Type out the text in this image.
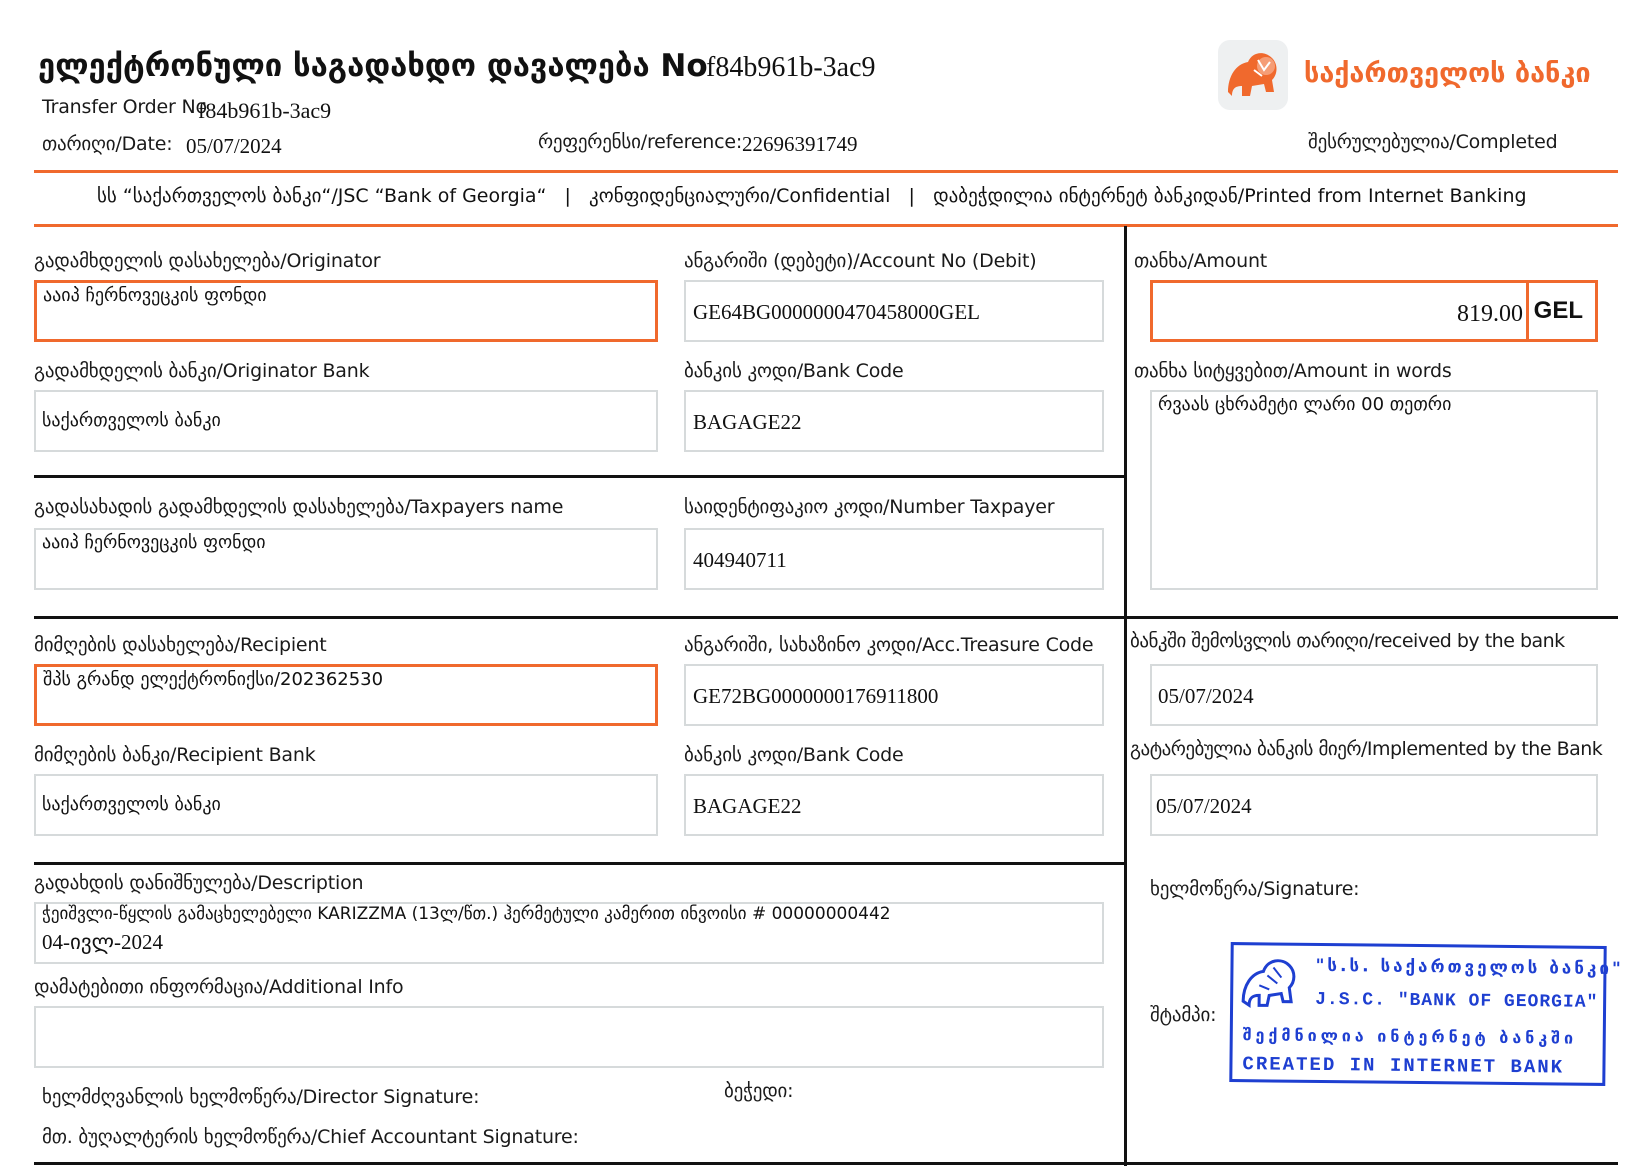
ელექტრონული საგადახდო დავალება No
f84b961b-3ac9
Transfer Order No
f84b961b-3ac9
თარიღი/Date: 05/07/2024	რეფერენსი/reference: 22696391749	შესრულებულია/Completed
საქართველოს ბანკი
სს “საქართველოს ბანკი“/JSC “Bank of Georgia“   |   კონფიდენციალური/Confidential   |   დაბეჭდილია ინტერნეტ ბანკიდან/Printed from Internet Banking
გადამხდელის დასახელება/Originator
ააიპ ჩერნოვეცკის ფონდი
ანგარიში (დებეტი)/Account No (Debit)
GE64BG0000000470458000GEL
გადამხდელის ბანკი/Originator Bank
საქართველოს ბანკი
ბანკის კოდი/Bank Code
BAGAGE22
თანხა/Amount
819.00 GEL
თანხა სიტყვებით/Amount in words
რვაას ცხრამეტი ლარი 00 თეთრი
გადასახადის გადამხდელის დასახელება/Taxpayers name
ააიპ ჩერნოვეცკის ფონდი
საიდენტიფაკიო კოდი/Number Taxpayer
404940711
მიმღების დასახელება/Recipient
შპს გრანდ ელექტრონიქსი/202362530
ანგარიში, სახაზინო კოდი/Acc.Treasure Code
GE72BG0000000176911800
მიმღების ბანკი/Recipient Bank
საქართველოს ბანკი
ბანკის კოდი/Bank Code
BAGAGE22
ბანკში შემოსვლის თარიღი/received by the bank
05/07/2024
გატარებულია ბანკის მიერ/Implemented by the Bank
05/07/2024
გადახდის დანიშნულება/Description
ჭეიშვლი-წყლის გამაცხელებელი KARIZZMA (13ლ/წთ.) ჰერმეტული კამერით ინვოისი # 00000000442
04-ივლ-2024
დამატებითი ინფორმაცია/Additional Info
ხელმძღვანლის ხელმოწერა/Director Signature:	ბეჭედი:
მთ. ბუღალტერის ხელმოწერა/Chief Accountant Signature:
ხელმოწერა/Signature:
შტამპი:
"ს.ს. საქართველოს ბანკი"
J.S.C. "BANK OF GEORGIA"
შექმნილია ინტერნეტ ბანკში
CREATED IN INTERNET BANK
